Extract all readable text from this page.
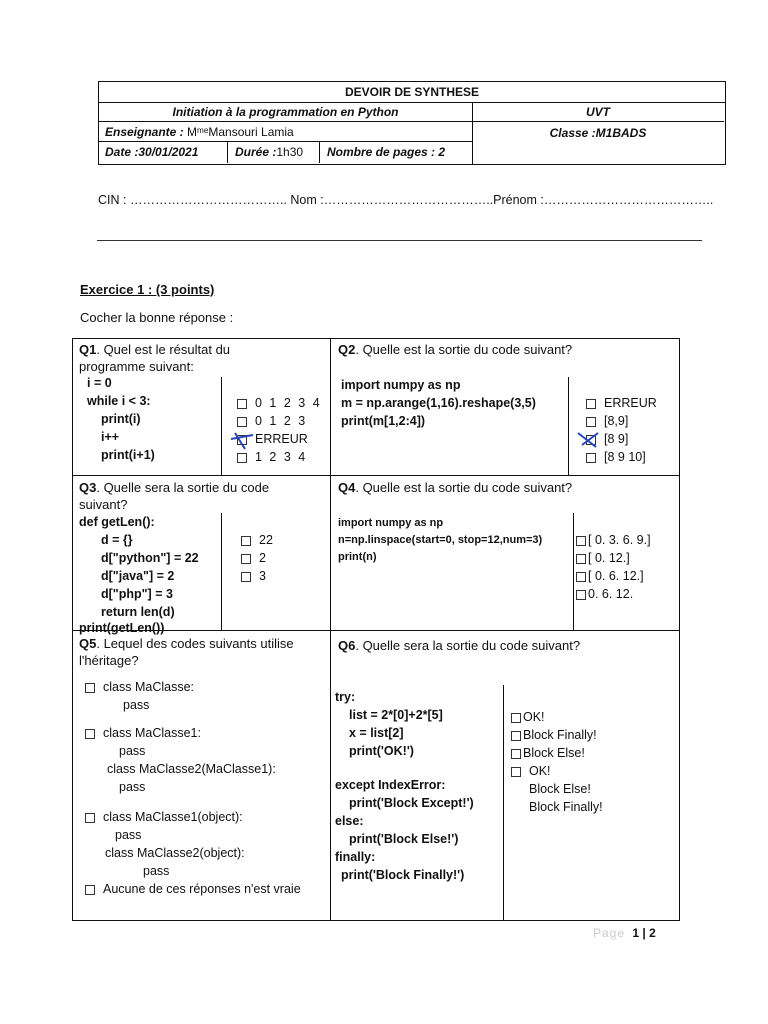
DEVOIR DE SYNTHESE
Initiation à la programmation en Python
Enseignante : MᵐᵉMansouri Lamia
Date :30/01/2021	Durée :1h30 Nombre de pages : 2
UVT
Classe :M1BADS
CIN : ……………………………….. Nom :…………………………………..Prénom :…………………………………..
Exercice 1 : (3 points)
Cocher la bonne réponse :
Q1. Quel est le résultat du
programme suivant:
i = 0
while i < 3:
print(i)
i++
print(i+1)
0 1 2 3 4
0 1 2 3
ERREUR
1 2 3 4
Q2. Quelle est la sortie du code suivant?
import numpy as np
m = np.arange(1,16).reshape(3,5)
print(m[1,2:4])
ERREUR
[8,9]
[8 9]
[8 9 10]
Q3. Quelle sera la sortie du code
suivant?
def getLen():
d = {}
d["python"] = 22
d["java"] = 2
d["php"] = 3
return len(d)
print(getLen())
22
2
3
Q4. Quelle est la sortie du code suivant?
import numpy as np
n=np.linspace(start=0, stop=12,num=3)
print(n)
[ 0. 3. 6. 9.]
[ 0. 12.]
[ 0. 6. 12.]
0. 6. 12.
Q5. Lequel des codes suivants utilise
l'héritage?
class MaClasse:
pass
class MaClasse1:
pass
class MaClasse2(MaClasse1):
pass
class MaClasse1(object):
pass
class MaClasse2(object):
pass
Aucune de ces réponses n'est vraie
Q6. Quelle sera la sortie du code suivant?
try:
list = 2*[0]+2*[5]
x = list[2]
print('OK!')
except IndexError:
print('Block Except!')
else:
print('Block Else!')
finally:
print('Block Finally!')
OK!
Block Finally!
Block Else!
OK!
Block Else!
Block Finally!
Page 1 | 2
